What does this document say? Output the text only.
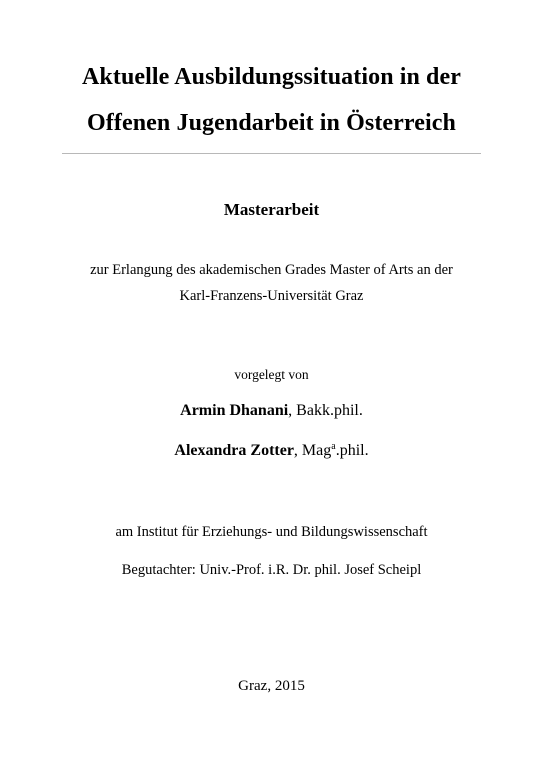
Aktuelle Ausbildungssituation in der
Offenen Jugendarbeit in Österreich
Masterarbeit
zur Erlangung des akademischen Grades Master of Arts an der
Karl-Franzens-Universität Graz
vorgelegt von
Armin Dhanani, Bakk.phil.
Alexandra Zotter, Mag$^a$.phil.
am Institut für Erziehungs- und Bildungswissenschaft
Begutachter: Univ.-Prof. i.R. Dr. phil. Josef Scheipl
Graz, 2015
